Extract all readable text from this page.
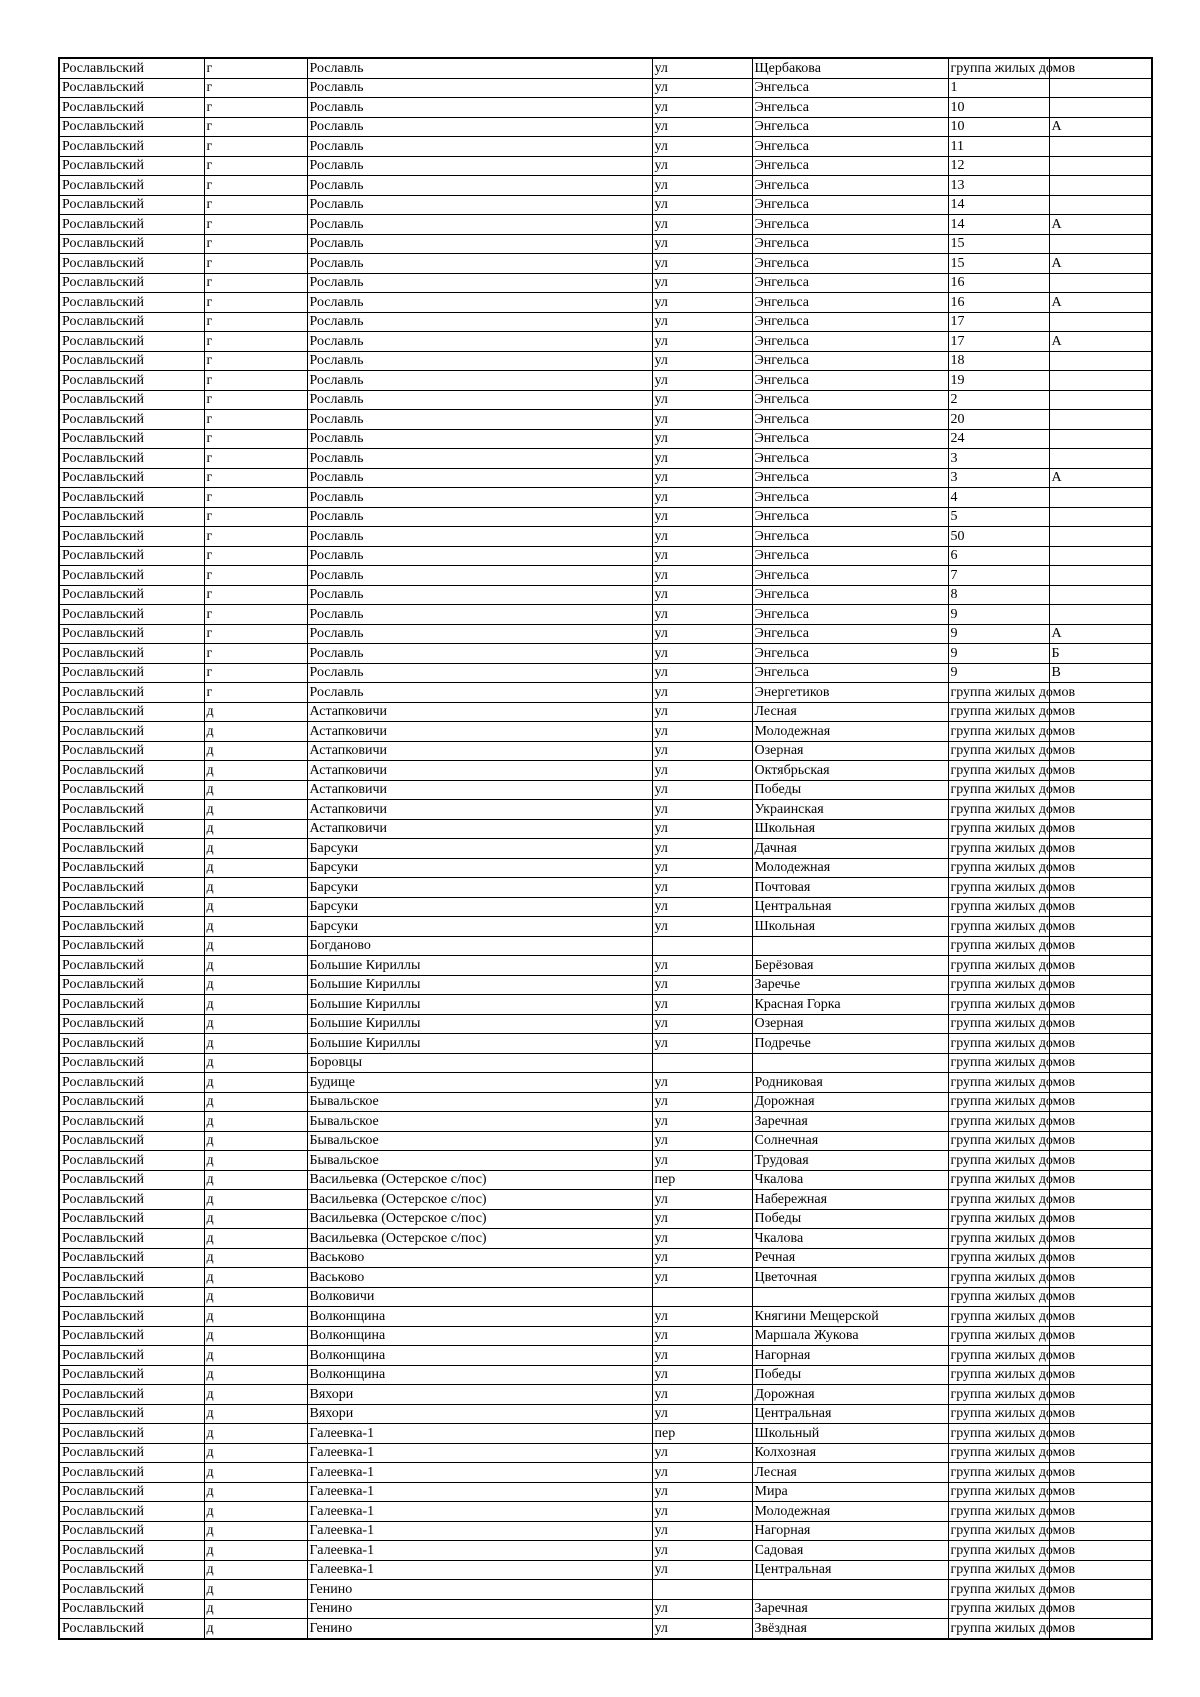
Рославльский	г	Рославль	ул	Щербакова	группа жилых домов	
Рославльский	г	Рославль	ул	Энгельса	1	
Рославльский	г	Рославль	ул	Энгельса	10	
Рославльский	г	Рославль	ул	Энгельса	10	А
Рославльский	г	Рославль	ул	Энгельса	11	
Рославльский	г	Рославль	ул	Энгельса	12	
Рославльский	г	Рославль	ул	Энгельса	13	
Рославльский	г	Рославль	ул	Энгельса	14	
Рославльский	г	Рославль	ул	Энгельса	14	А
Рославльский	г	Рославль	ул	Энгельса	15	
Рославльский	г	Рославль	ул	Энгельса	15	А
Рославльский	г	Рославль	ул	Энгельса	16	
Рославльский	г	Рославль	ул	Энгельса	16	А
Рославльский	г	Рославль	ул	Энгельса	17	
Рославльский	г	Рославль	ул	Энгельса	17	А
Рославльский	г	Рославль	ул	Энгельса	18	
Рославльский	г	Рославль	ул	Энгельса	19	
Рославльский	г	Рославль	ул	Энгельса	2	
Рославльский	г	Рославль	ул	Энгельса	20	
Рославльский	г	Рославль	ул	Энгельса	24	
Рославльский	г	Рославль	ул	Энгельса	3	
Рославльский	г	Рославль	ул	Энгельса	3	А
Рославльский	г	Рославль	ул	Энгельса	4	
Рославльский	г	Рославль	ул	Энгельса	5	
Рославльский	г	Рославль	ул	Энгельса	50	
Рославльский	г	Рославль	ул	Энгельса	6	
Рославльский	г	Рославль	ул	Энгельса	7	
Рославльский	г	Рославль	ул	Энгельса	8	
Рославльский	г	Рославль	ул	Энгельса	9	
Рославльский	г	Рославль	ул	Энгельса	9	А
Рославльский	г	Рославль	ул	Энгельса	9	Б
Рославльский	г	Рославль	ул	Энгельса	9	В
Рославльский	г	Рославль	ул	Энергетиков	группа жилых домов	
Рославльский	д	Астапковичи	ул	Лесная	группа жилых домов	
Рославльский	д	Астапковичи	ул	Молодежная	группа жилых домов	
Рославльский	д	Астапковичи	ул	Озерная	группа жилых домов	
Рославльский	д	Астапковичи	ул	Октябрьская	группа жилых домов	
Рославльский	д	Астапковичи	ул	Победы	группа жилых домов	
Рославльский	д	Астапковичи	ул	Украинская	группа жилых домов	
Рославльский	д	Астапковичи	ул	Школьная	группа жилых домов	
Рославльский	д	Барсуки	ул	Дачная	группа жилых домов	
Рославльский	д	Барсуки	ул	Молодежная	группа жилых домов	
Рославльский	д	Барсуки	ул	Почтовая	группа жилых домов	
Рославльский	д	Барсуки	ул	Центральная	группа жилых домов	
Рославльский	д	Барсуки	ул	Школьная	группа жилых домов	
Рославльский	д	Богданово			группа жилых домов	
Рославльский	д	Большие Кириллы	ул	Берёзовая	группа жилых домов	
Рославльский	д	Большие Кириллы	ул	Заречье	группа жилых домов	
Рославльский	д	Большие Кириллы	ул	Красная Горка	группа жилых домов	
Рославльский	д	Большие Кириллы	ул	Озерная	группа жилых домов	
Рославльский	д	Большие Кириллы	ул	Подречье	группа жилых домов	
Рославльский	д	Боровцы			группа жилых домов	
Рославльский	д	Будище	ул	Родниковая	группа жилых домов	
Рославльский	д	Бывальское	ул	Дорожная	группа жилых домов	
Рославльский	д	Бывальское	ул	Заречная	группа жилых домов	
Рославльский	д	Бывальское	ул	Солнечная	группа жилых домов	
Рославльский	д	Бывальское	ул	Трудовая	группа жилых домов	
Рославльский	д	Васильевка (Остерское с/пос)	пер	Чкалова	группа жилых домов	
Рославльский	д	Васильевка (Остерское с/пос)	ул	Набережная	группа жилых домов	
Рославльский	д	Васильевка (Остерское с/пос)	ул	Победы	группа жилых домов	
Рославльский	д	Васильевка (Остерское с/пос)	ул	Чкалова	группа жилых домов	
Рославльский	д	Васьково	ул	Речная	группа жилых домов	
Рославльский	д	Васьково	ул	Цветочная	группа жилых домов	
Рославльский	д	Волковичи			группа жилых домов	
Рославльский	д	Волконщина	ул	Княгини Мещерской	группа жилых домов	
Рославльский	д	Волконщина	ул	Маршала Жукова	группа жилых домов	
Рославльский	д	Волконщина	ул	Нагорная	группа жилых домов	
Рославльский	д	Волконщина	ул	Победы	группа жилых домов	
Рославльский	д	Вяхори	ул	Дорожная	группа жилых домов	
Рославльский	д	Вяхори	ул	Центральная	группа жилых домов	
Рославльский	д	Галеевка-1	пер	Школьный	группа жилых домов	
Рославльский	д	Галеевка-1	ул	Колхозная	группа жилых домов	
Рославльский	д	Галеевка-1	ул	Лесная	группа жилых домов	
Рославльский	д	Галеевка-1	ул	Мира	группа жилых домов	
Рославльский	д	Галеевка-1	ул	Молодежная	группа жилых домов	
Рославльский	д	Галеевка-1	ул	Нагорная	группа жилых домов	
Рославльский	д	Галеевка-1	ул	Садовая	группа жилых домов	
Рославльский	д	Галеевка-1	ул	Центральная	группа жилых домов	
Рославльский	д	Генино			группа жилых домов	
Рославльский	д	Генино	ул	Заречная	группа жилых домов	
Рославльский	д	Генино	ул	Звёздная	группа жилых домов	
